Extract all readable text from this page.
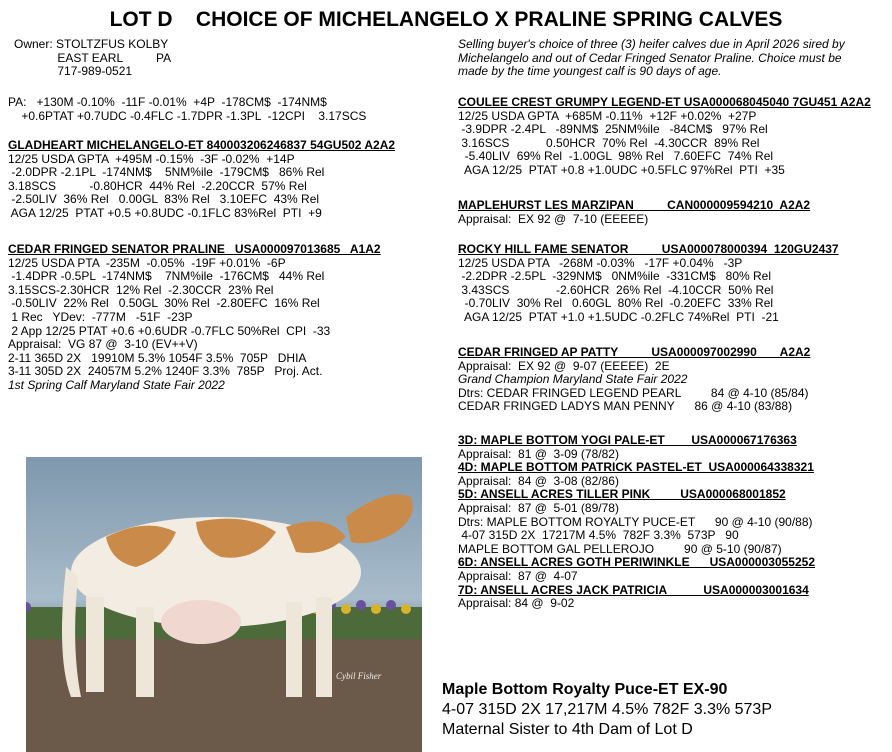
LOT D    CHOICE OF MICHELANGELO X PRALINE SPRING CALVES

Owner: STOLTZFUS KOLBY

EAST EARL          PA

717-989-0521

Selling buyer's choice of three (3) heifer calves due in April 2026 sired by

Michelangelo and out of Cedar Fringed Senator Praline. Choice must be

made by the time youngest calf is 90 days of age.

PA:   +130M -0.10%  -11F -0.01%  +4P  -178CM$  -174NM$

+0.6PTAT +0.7UDC -0.4FLC -1.7DPR -1.3PL  -12CPI    3.17SCS

GLADHEART MICHELANGELO-ET 840003206246837 54GU502 A2A2

12/25 USDA GPTA  +495M -0.15%  -3F -0.02%  +14P

-2.0DPR -2.1PL  -174NM$    5NM%ile  -179CM$   86% Rel

3.18SCS          -0.80HCR  44% Rel  -2.20CCR  57% Rel

-2.50LIV  36% Rel   0.00GL  83% Rel   3.10EFC  43% Rel

AGA 12/25  PTAT +0.5 +0.8UDC -0.1FLC 83%Rel  PTI  +9

CEDAR FRINGED SENATOR PRALINE   USA000097013685   A1A2

12/25 USDA PTA  -235M  -0.05%  -19F +0.01%  -6P

-1.4DPR -0.5PL  -174NM$    7NM%ile  -176CM$   44% Rel

3.15SCS-2.30HCR  12% Rel  -2.30CCR  23% Rel

-0.50LIV  22% Rel   0.50GL  30% Rel  -2.80EFC  16% Rel

1 Rec   YDev:  -777M   -51F  -23P

2 App 12/25 PTAT +0.6 +0.6UDR -0.7FLC 50%Rel  CPI  -33

Appraisal:  VG 87 @  3-10 (EV++V)

2-11 365D 2X   19910M 5.3% 1054F 3.5%  705P   DHIA

3-11 305D 2X  24057M 5.2% 1240F 3.3%  785P   Proj. Act.

1st Spring Calf Maryland State Fair 2022

COULEE CREST GRUMPY LEGEND-ET USA000068045040 7GU451 A2A2

12/25 USDA GPTA  +685M -0.11%  +12F +0.02%  +27P

-3.9DPR -2.4PL   -89NM$  25NM%ile   -84CM$   97% Rel

3.16SCS           0.50HCR  70% Rel  -4.30CCR  89% Rel

-5.40LIV  69% Rel  -1.00GL  98% Rel   7.60EFC  74% Rel

AGA 12/25  PTAT +0.8 +1.0UDC +0.5FLC 97%Rel  PTI  +35

MAPLEHURST LES MARZIPAN          CAN000009594210  A2A2

Appraisal:  EX 92 @  7-10 (EEEEE)

ROCKY HILL FAME SENATOR          USA000078000394  120GU2437

12/25 USDA PTA   -268M -0.03%   -17F +0.04%   -3P

-2.2DPR -2.5PL  -329NM$   0NM%ile  -331CM$   80% Rel

3.43SCS              -2.60HCR  26% Rel  -4.10CCR  50% Rel

-0.70LIV  30% Rel   0.60GL  80% Rel  -0.20EFC  33% Rel

AGA 12/25  PTAT +1.0 +1.5UDC -0.2FLC 74%Rel  PTI  -21

CEDAR FRINGED AP PATTY          USA000097002990       A2A2

Appraisal:  EX 92 @  9-07 (EEEEE)  2E

Grand Champion Maryland State Fair 2022

Dtrs: CEDAR FRINGED LEGEND PEARL         84 @ 4-10 (85/84)

CEDAR FRINGED LADYS MAN PENNY      86 @ 4-10 (83/88)

3D: MAPLE BOTTOM YOGI PALE-ET        USA000067176363

Appraisal:  81 @  3-09 (78/82)

4D: MAPLE BOTTOM PATRICK PASTEL-ET  USA000064338321

Appraisal:  84 @  3-08 (82/86)

5D: ANSELL ACRES TILLER PINK         USA000068001852

Appraisal:  87 @  5-01 (89/78)

Dtrs: MAPLE BOTTOM ROYALTY PUCE-ET      90 @ 4-10 (90/88)

4-07 315D 2X  17217M 4.5%  782F 3.3%  573P   90

MAPLE BOTTOM GAL PELLEROJO         90 @ 5-10 (90/87)

6D: ANSELL ACRES GOTH PERIWINKLE      USA000003055252

Appraisal:  87 @  4-07

7D: ANSELL ACRES JACK PATRICIA           USA000003001634

Appraisal: 84 @  9-02

Cybil Fisher
Maple Bottom Royalty Puce-ET EX-90
4-07 315D 2X 17,217M 4.5% 782F 3.3% 573P
Maternal Sister to 4th Dam of Lot D
